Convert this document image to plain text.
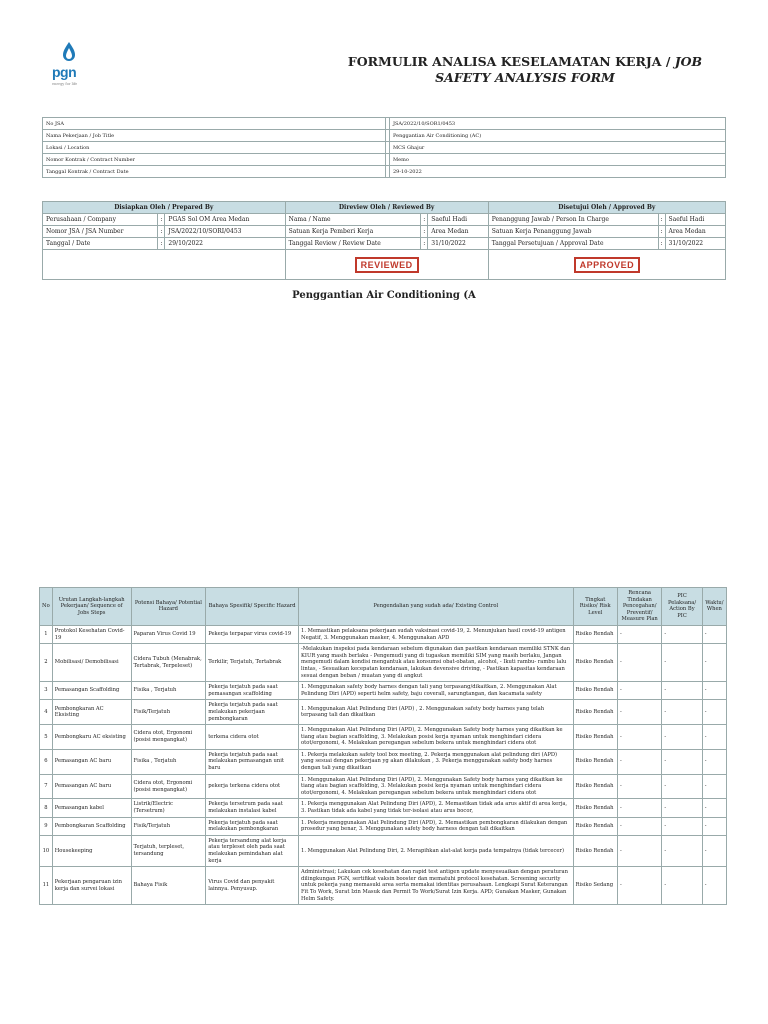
pgn
energy for life
FORMULIR ANALISA KESELAMATAN KERJA / JOB
SAFETY ANALYSIS FORM
No JSA		JSA/2022/10/SOR1/0453
Nama Pekerjaan / Job Title		Penggantian Air Conditioning (AC)
Lokasi / Location		MCS Ghajur
Nomor Kontrak / Contract Number		Memo
Tanggal Kontrak / Contract Date		29-10-2022
Disiapkan Oleh / Prepared By			Direview Oleh / Reviewed By			Disetujui Oleh / Approved By		
Perusahaan / Company	:	PGAS Sol OM Area Medan	Nama / Name	:	Saeful Hadi	Penanggung Jawab / Person In Charge	:	Saeful Hadi
Nomor JSA / JSA Number	:	JSA/2022/10/SORI/0453	Satuan Kerja Pemberi Kerja	:	Area Medan	Satuan Kerja Penanggung Jawab	:	Area Medan
Tanggal / Date	:	29/10/2022	Tanggal Review / Review Date	:	31/10/2022	Tanggal Persetujuan / Approval Date	:	31/10/2022
			REVIEWED			APPROVED		
Penggantian Air Conditioning (A
No	Urutan Langkah-langkah Pekerjaan/ Sequence of Jobs Steps	Potensi Bahaya/ Potential Hazard	Bahaya Spesifik/ Specific Hazard	Pengendalian yang sudah ada/ Existing Control	Tingkat Risiko/ Risk Level	Rencana Tindakan Pencegahan/ Preventif/ Measure Plan	PIC Pelaksana/ Action By PIC	Waktu/ When
1	Protokol Kesehatan Covid-19	Paparan Virus Covid 19	Pekerja terpapar virus covid-19	1. Memastikan pelaksana pekerjaan sudah vaksinasi covid-19, 2. Menunjukan hasil covid-19 antigen Negatif, 3. Menggunakan masker, 4. Menggunakan APD	Risiko Rendah	-	-	-
2	Mobilisasi/ Demobilisasi	Cidera Tubuh (Menabrak, Tertabrak, Terpeleset)	Terkilir, Terjatuh, Tertabrak	-Melakukan inspeksi pada kendaraan sebelum digunakan dan pastikan kendaraan memiliki STNK dan KIUR yang masih berlaku - Pengemudi yang di tugaskan memiliki SIM yang masih berlaku, Jangan mengemudi dalam kondisi mengantuk atau konsumsi obat-obatan, alcohol, - Ikuti rambu- rambu lalu lintas, - Sesuaikan kecepatan kendaraan, lakukan devensive driving, - Pastikan kapasitas kendaraan sesuai dengan beban / muatan yang di angkut	Risiko Rendah	-	-	-
3	Pemasangan Scaffolding	Fisika , Terjatuh	Pekerja terjatuh pada saat pemasangan scaffolding	1. Menggunakan safety body harnes dengan tali yang terpasang/dikaitkan, 2. Menggunakan Alat Pelindung Diri (APD) seperti helm safety, baju coverall, sarungtangan, dan kacamata safety	Risiko Rendah	-	-	-
4	Pembongkaran AC Eksisting	Fisik/Terjatuh	Pekerja terjatuh pada saat melakukan pekerjaan pembongkaran	1. Menggunakan Alat Pelindung Diri (APD) , 2. Menggunakan safety body harnes yang telah terpasang tali dan dikaitkan	Risiko Rendah	-	-	-
5	Pembongkaru AC eksisting	Cidera otot, Ergonomi (posisi mengangkat)	terkena cidera otot	1. Menggunakan Alat Pelindung Diri (APD), 2. Menggunakan Safety body harnes yang dikaitkan ke tiang atau bagian scaffolding, 3. Melakukan posisi kerja nyaman untuk menghindari cidera otot/ergonomi, 4. Melakukan peregangan sebelum bekera untuk menghindari cidera otot	Risiko Rendah	-	-	-
6	Pemasangan AC baru	Fisika , Terjatuh	Pekerja terjatuh pada saat melakukan pemasangan unit baru	1. Pekerja melakukan safety tool box meeting, 2. Pekerja menggunakan alat pelindung diri (APD) yang sesuai dengan pekerjaan yg akan dilakukan , 3. Pekerja menggunakan safety body harnes dengan tali yang dikaitkan	Risiko Rendah	-	-	-
7	Pemasangan AC baru	Cidera otot, Ergonomi (posisi mengangkat)	pekerja terkena cidera otot	1. Menggunakan Alat Pelindung Diri (APD), 2. Menggunakan Safety body harnes yang dikaitkan ke tiang atau bagian scaffolding, 3. Melakukan posisi kerja nyaman untuk menghindari cidera otot/ergonomi, 4. Melakukan peregangan sebelum bekera untuk menghindari cidera otot	Risiko Rendah	-	-	-
8	Pemasangan kabel	Listrik/Electric (Tersetrum)	Pekerja tersetrum pada saat melakukan instalasi kabel	1. Pekerja menggunakan Alat Pelindung Diri (APD), 2. Memastikan tidak ada arus aktif di area kerja, 3. Pastikan tidak ada kabel yang tidak ter-isolasi atau arus bocor,	Risiko Rendah	-	-	-
9	Pembongkaran Scaffolding	Fisik/Terjatuh	Pekerja terjatuh pada saat melakukan pembongkaran	1. Pekerja menggunakan Alat Pelindung Diri (APD), 2. Memastikan pembongkaran dilakukan dengan prosedur yang benar, 3. Menggunakan safety body harness dengan tali dikaitkan	Risiko Rendah	-	-	-
10	Housekeeping	Terjatuh, terpleset, tersandung	Pekerja tersandung alat kerja atau terpleset oleh pada saat melakukan pemindahan alat kerja	1. Menggunakan Alat Pelindung Diri, 2. Merapihkan alat-alat kerja pada tempatnya (tidak tercecer)	Risiko Rendah	-	-	-
11	Pekerjaan pengaruan izin kerja dan survei lokasi	Bahaya Fisik	Virus Covid dan penyakit lainnya. Penyusup.	Administrasi; Lakukan cek kesehatan dan rapid test antigen update menyesuaikan dengan peraturan dilingkungan PGN, sertifikat vaksin booster dan mematuhi protocol kesehatan. Screening security untuk pekerja yang memasuki area serta memakai identitas perusahaan. Lengkapi Surat Keterangan Fit To Work, Surat Izin Masuk dan Permit To Work/Surat Izin Kerja. APD; Gunakan Masker, Gunakan Helm Safety.	Risiko Sedang	-	-	-
